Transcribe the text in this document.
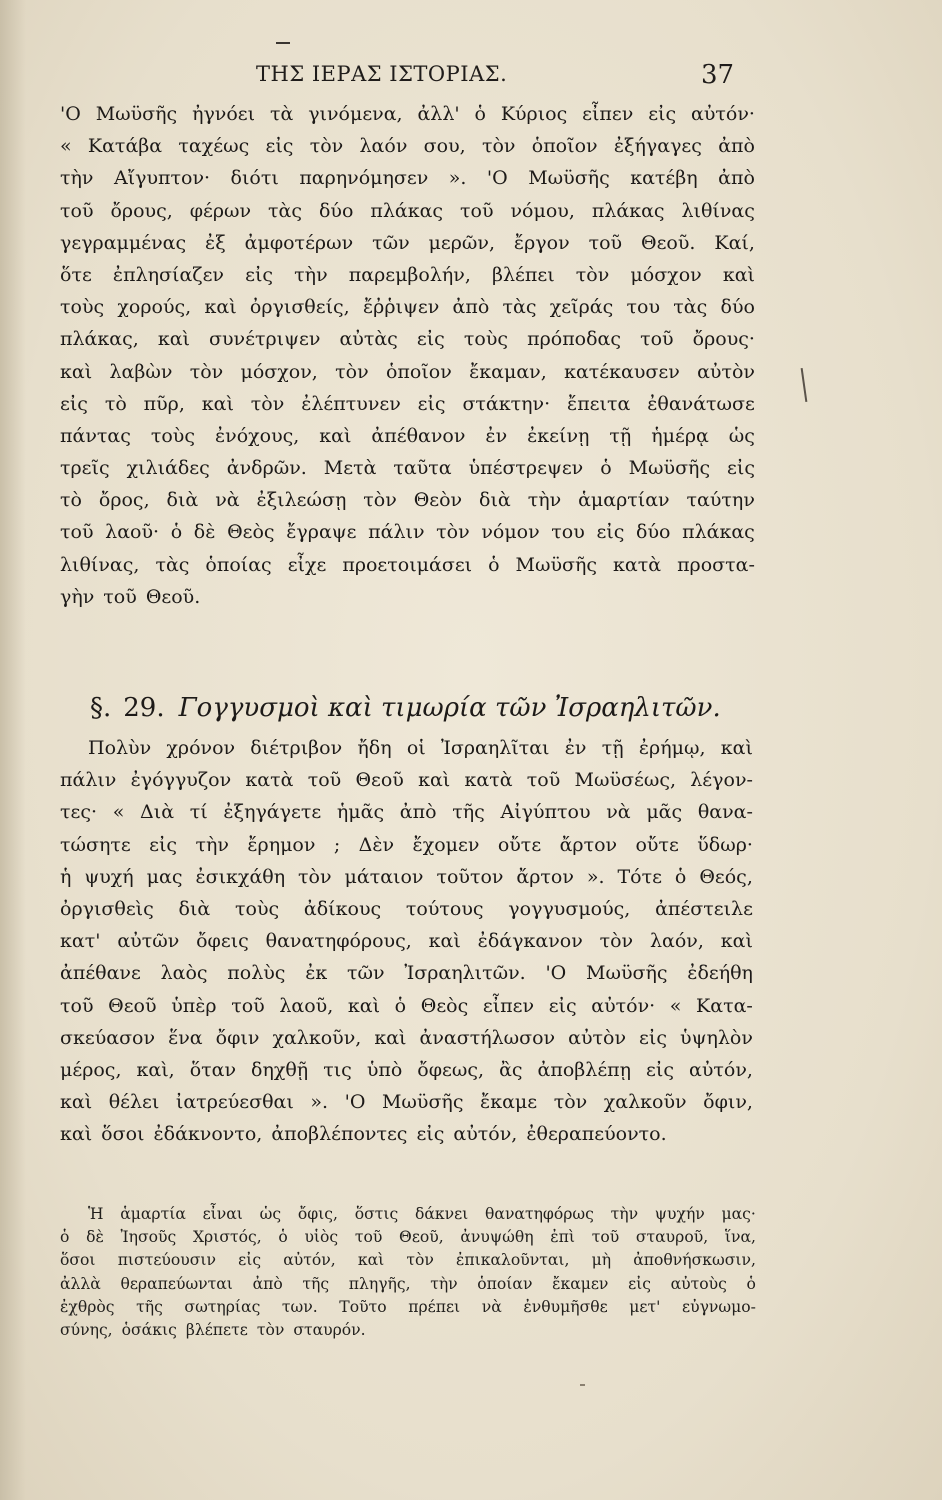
ΤΗΣ ΙΕΡΑΣ ΙΣΤΟΡΙΑΣ.	37
'Ο Μωϋσῆς ἠγνόει τὰ γινόμενα, ἀλλ' ὁ Κύριος εἶπεν εἰς αὐτόν·
« Κατάβα ταχέως εἰς τὸν λαόν σου, τὸν ὁποῖον ἐξήγαγες ἀπὸ
τὴν Αἴγυπτον· διότι παρηνόμησεν ». 'Ο Μωϋσῆς κατέβη ἀπὸ
τοῦ ὄρους, φέρων τὰς δύο πλάκας τοῦ νόμου, πλάκας λιθίνας
γεγραμμένας ἐξ ἀμφοτέρων τῶν μερῶν, ἔργον τοῦ Θεοῦ. Καί,
ὅτε ἐπλησίαζεν εἰς τὴν παρεμβολήν, βλέπει τὸν μόσχον καὶ
τοὺς χορούς, καὶ ὀργισθείς, ἔῤῥιψεν ἀπὸ τὰς χεῖράς του τὰς δύο
πλάκας, καὶ συνέτριψεν αὐτὰς εἰς τοὺς πρόποδας τοῦ ὄρους·
καὶ λαβὼν τὸν μόσχον, τὸν ὁποῖον ἔκαμαν, κατέκαυσεν αὐτὸν
εἰς τὸ πῦρ, καὶ τὸν ἐλέπτυνεν εἰς στάκτην· ἔπειτα ἐθανάτωσε
πάντας τοὺς ἐνόχους, καὶ ἀπέθανον ἐν ἐκείνῃ τῇ ἡμέρᾳ ὡς
τρεῖς χιλιάδες ἀνδρῶν. Μετὰ ταῦτα ὑπέστρεψεν ὁ Μωϋσῆς εἰς
τὸ ὄρος, διὰ νὰ ἐξιλεώσῃ τὸν Θεὸν διὰ τὴν ἁμαρτίαν ταύτην
τοῦ λαοῦ· ὁ δὲ Θεὸς ἔγραψε πάλιν τὸν νόμον του εἰς δύο πλάκας
λιθίνας, τὰς ὁποίας εἶχε προετοιμάσει ὁ Μωϋσῆς κατὰ προστα-
γὴν τοῦ Θεοῦ.
§. 29. Γογγυσμοὶ καὶ τιμωρία τῶν Ἰσραηλιτῶν.
Πολὺν χρόνον διέτριβον ἤδη οἱ Ἰσραηλῖται ἐν τῇ ἐρήμῳ, καὶ
πάλιν ἐγόγγυζον κατὰ τοῦ Θεοῦ καὶ κατὰ τοῦ Μωϋσέως, λέγον-
τες· « Διὰ τί ἐξηγάγετε ἡμᾶς ἀπὸ τῆς Αἰγύπτου νὰ μᾶς θανα-
τώσητε εἰς τὴν ἔρημον ; Δὲν ἔχομεν οὔτε ἄρτον οὔτε ὕδωρ·
ἡ ψυχή μας ἐσικχάθη τὸν μάταιον τοῦτον ἄρτον ». Τότε ὁ Θεός,
ὀργισθεὶς διὰ τοὺς ἀδίκους τούτους γογγυσμούς, ἀπέστειλε
κατ' αὐτῶν ὄφεις θανατηφόρους, καὶ ἐδάγκανον τὸν λαόν, καὶ
ἀπέθανε λαὸς πολὺς ἐκ τῶν Ἰσραηλιτῶν. 'Ο Μωϋσῆς ἐδεήθη
τοῦ Θεοῦ ὑπὲρ τοῦ λαοῦ, καὶ ὁ Θεὸς εἶπεν εἰς αὐτόν· « Κατα-
σκεύασον ἕνα ὄφιν χαλκοῦν, καὶ ἀναστήλωσον αὐτὸν εἰς ὑψηλὸν
μέρος, καὶ, ὅταν δηχθῇ τις ὑπὸ ὄφεως, ἂς ἀποβλέπῃ εἰς αὐτόν,
καὶ θέλει ἰατρεύεσθαι ». 'Ο Μωϋσῆς ἔκαμε τὸν χαλκοῦν ὄφιν,
καὶ ὅσοι ἐδάκνοντο, ἀποβλέποντες εἰς αὐτόν, ἐθεραπεύοντο.
Ἡ ἁμαρτία εἶναι ὡς ὄφις, ὅστις δάκνει θανατηφόρως τὴν ψυχήν μας·
ὁ δὲ Ἰησοῦς Χριστός, ὁ υἱὸς τοῦ Θεοῦ, ἀνυψώθη ἐπὶ τοῦ σταυροῦ, ἵνα,
ὅσοι πιστεύουσιν εἰς αὐτόν, καὶ τὸν ἐπικαλοῦνται, μὴ ἀποθνήσκωσιν,
ἀλλὰ θεραπεύωνται ἀπὸ τῆς πληγῆς, τὴν ὁποίαν ἔκαμεν εἰς αὐτοὺς ὁ
ἐχθρὸς τῆς σωτηρίας των. Τοῦτο πρέπει νὰ ἐνθυμῆσθε μετ' εὐγνωμο-
σύνης, ὁσάκις βλέπετε τὸν σταυρόν.
